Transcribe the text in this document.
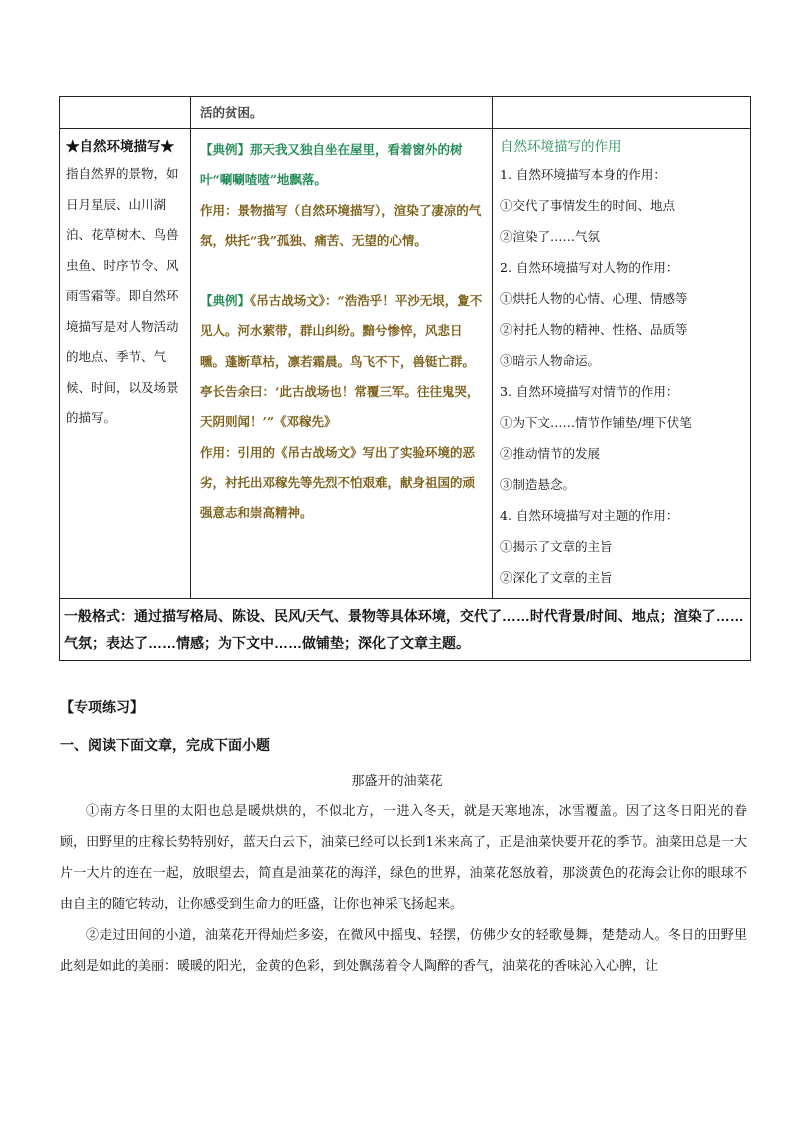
活的贫困。
★自然环境描写★
指自然界的景物，如日月星辰、山川湖泊、花草树木、鸟兽虫鱼、时序节令、风雨雪霜等。即自然环境描写是对人物活动的地点、季节、气候、时间，以及场景的描写。
【典例】那天我又独自坐在屋里，看着窗外的树叶“唰唰喳喳”地飘落。
作用：景物描写（自然环境描写），渲染了凄凉的气氛，烘托“我”孤独、痛苦、无望的心情。
【典例】《吊古战场文》：“浩浩乎！平沙无垠，夐不见人。河水萦带，群山纠纷。黯兮惨悴，风悲日曛。蓬断草枯，凛若霜晨。鸟飞不下，兽铤亡群。亭长告余曰：‘此古战场也！常覆三军。往往鬼哭，天阴则闻！’”《邓稼先》
作用：引用的《吊古战场文》写出了实验环境的恶劣，衬托出邓稼先等先烈不怕艰难，献身祖国的顽强意志和崇高精神。
自然环境描写的作用
1. 自然环境描写本身的作用：
①交代了事情发生的时间、地点
②渲染了……气氛
2. 自然环境描写对人物的作用：
①烘托人物的心情、心理、情感等
②衬托人物的精神、性格、品质等
③暗示人物命运。
3. 自然环境描写对情节的作用：
①为下文……情节作铺垫/埋下伏笔
②推动情节的发展
③制造悬念。
4. 自然环境描写对主题的作用：
①揭示了文章的主旨
②深化了文章的主旨
一般格式：通过描写格局、陈设、民风/天气、景物等具体环境，交代了……时代背景/时间、地点；渲染了……气氛；表达了……情感；为下文中……做铺垫；深化了文章主题。
【专项练习】
一、阅读下面文章，完成下面小题
那盛开的油菜花
①南方冬日里的太阳也总是暖烘烘的，不似北方，一进入冬天，就是天寒地冻，冰雪覆盖。因了这冬日阳光的眷顾，田野里的庄稼长势特别好，蓝天白云下，油菜已经可以长到1米来高了，正是油菜快要开花的季节。油菜田总是一大片一大片的连在一起，放眼望去，简直是油菜花的海洋，绿色的世界，油菜花怒放着，那淡黄色的花海会让你的眼球不由自主的随它转动，让你感受到生命力的旺盛，让你也神采飞扬起来。
②走过田间的小道，油菜花开得灿烂多姿，在微风中摇曳、轻摆，仿佛少女的轻歌曼舞，楚楚动人。冬日的田野里此刻是如此的美丽：暖暖的阳光，金黄的色彩，到处飘荡着令人陶醉的香气，油菜花的香味沁入心脾，让
